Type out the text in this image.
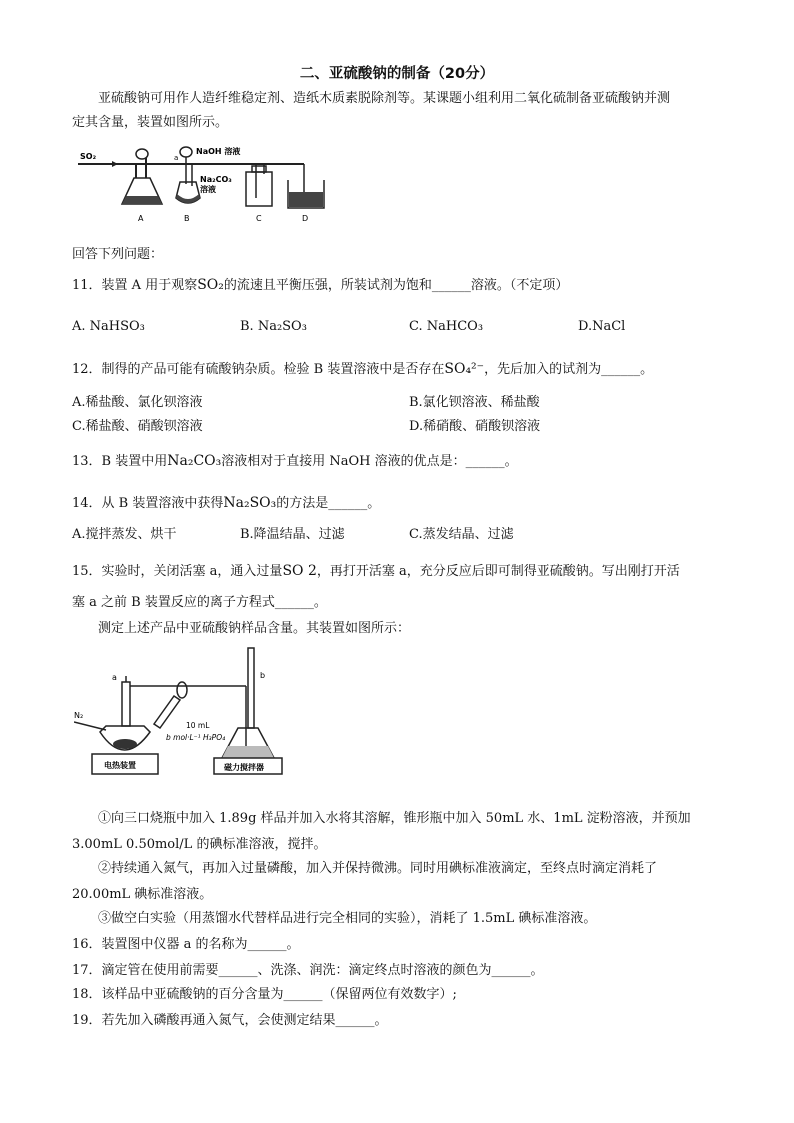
二、亚硫酸钠的制备（20分）
亚硫酸钠可用作人造纤维稳定剂、造纸木质素脱除剂等。某课题小组利用二氧化硫制备亚硫酸钠并测
定其含量，装置如图所示。
SO₂	a
NaOH 溶液
Na₂CO₃
溶液
A	B	C	D
回答下列问题：
11．装置 A 用于观察SO₂的流速且平衡压强，所装试剂为饱和______溶液。（不定项）
A. NaHSO₃	B. Na₂SO₃	C. NaHCO₃	D.NaCl
12．制得的产品可能有硫酸钠杂质。检验 B 装置溶液中是否存在SO₄²⁻，先后加入的试剂为______。
A.稀盐酸、氯化钡溶液	B.氯化钡溶液、稀盐酸
C.稀盐酸、硝酸钡溶液	D.稀硝酸、硝酸钡溶液
13．B 装置中用Na₂CO₃溶液相对于直接用 NaOH 溶液的优点是：______。
14．从 B 装置溶液中获得Na₂SO₃的方法是______。
A.搅拌蒸发、烘干	B.降温结晶、过滤	C.蒸发结晶、过滤
15．实验时，关闭活塞 a，通入过量SO 2，再打开活塞 a，充分反应后即可制得亚硫酸钠。写出刚打开活
塞 a 之前 B 装置反应的离子方程式______。
测定上述产品中亚硫酸钠样品含量。其装置如图所示：
电热装置
a
N₂
10 mL
b mol·L⁻¹ H₃PO₄
b
磁力搅拌器
①向三口烧瓶中加入 1.89g 样品并加入水将其溶解，锥形瓶中加入 50mL 水、1mL 淀粉溶液，并预加
3.00mL 0.50mol/L 的碘标准溶液，搅拌。
②持续通入氮气，再加入过量磷酸，加入并保持微沸。同时用碘标准液滴定，至终点时滴定消耗了
20.00mL 碘标准溶液。
③做空白实验（用蒸馏水代替样品进行完全相同的实验），消耗了 1.5mL 碘标准溶液。
16．装置图中仪器 a 的名称为______。
17．滴定管在使用前需要______、洗涤、润洗：滴定终点时溶液的颜色为______。
18．该样品中亚硫酸钠的百分含量为______（保留两位有效数字）;
19．若先加入磷酸再通入氮气，会使测定结果______。
